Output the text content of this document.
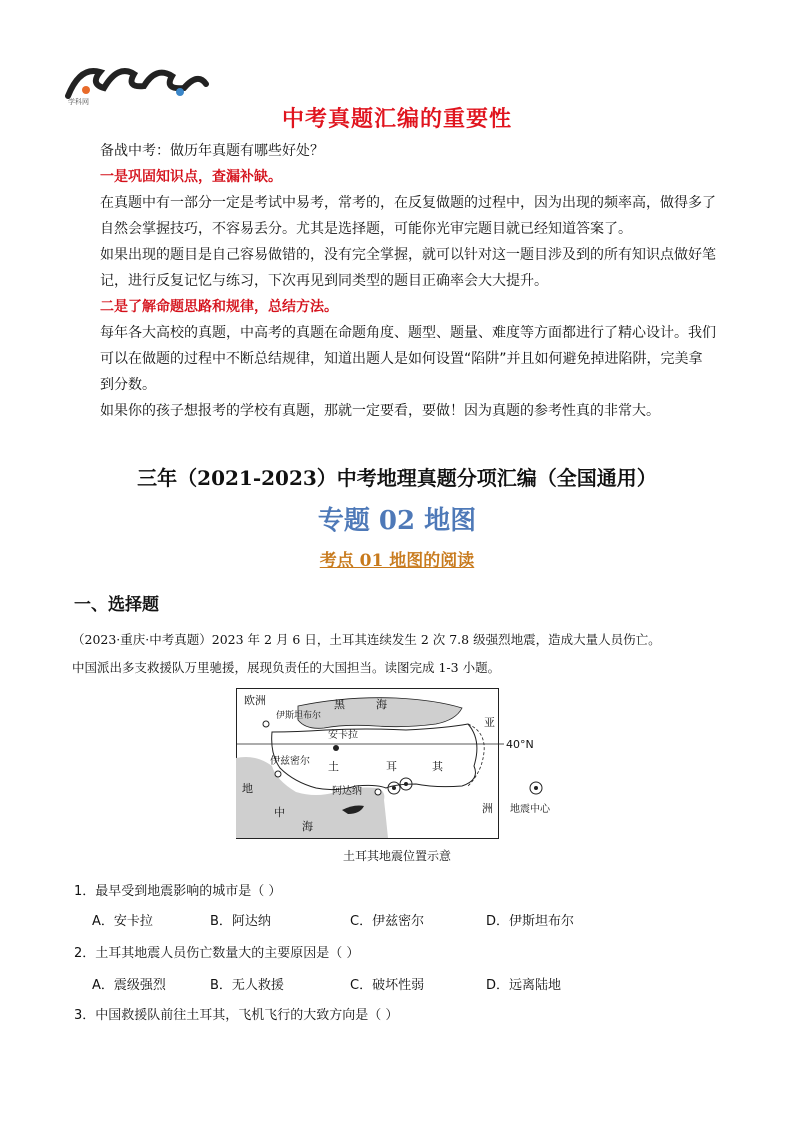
学科网
中考真题汇编的重要性
备战中考：做历年真题有哪些好处？
一是巩固知识点，查漏补缺。
在真题中有一部分一定是考试中易考，常考的，在反复做题的过程中，因为出现的频率高，做得多了
自然会掌握技巧，不容易丢分。尤其是选择题，可能你光审完题目就已经知道答案了。
如果出现的题目是自己容易做错的，没有完全掌握，就可以针对这一题目涉及到的所有知识点做好笔
记，进行反复记忆与练习，下次再见到同类型的题目正确率会大大提升。
二是了解命题思路和规律，总结方法。
每年各大高校的真题，中高考的真题在命题角度、题型、题量、难度等方面都进行了精心设计。我们
可以在做题的过程中不断总结规律，知道出题人是如何设置“陷阱”并且如何避免掉进陷阱，完美拿
到分数。
如果你的孩子想报考的学校有真题，那就一定要看，要做！因为真题的参考性真的非常大。
三年（2021-2023）中考地理真题分项汇编（全国通用）
专题 02 地图
考点 01 地图的阅读
一、选择题
（2023·重庆·中考真题）2023 年 2 月 6 日，土耳其连续发生 2 次 7.8 级强烈地震，造成大量人员伤亡。
中国派出多支救援队万里驰援，展现负责任的大国担当。读图完成 1-3 小题。
欧洲	黑	海
伊斯坦布尔	亚
安卡拉
40°N
伊兹密尔 土	耳	其
地	阿达纳
洲
中
海
地震中心
土耳其地震位置示意
1．最早受到地震影响的城市是（ ）
A．安卡拉	B．阿达纳	C．伊兹密尔	D．伊斯坦布尔
2．土耳其地震人员伤亡数量大的主要原因是（ ）
A．震级强烈	B．无人救援	C．破坏性弱	D．远离陆地
3．中国救援队前往土耳其，飞机飞行的大致方向是（ ）
